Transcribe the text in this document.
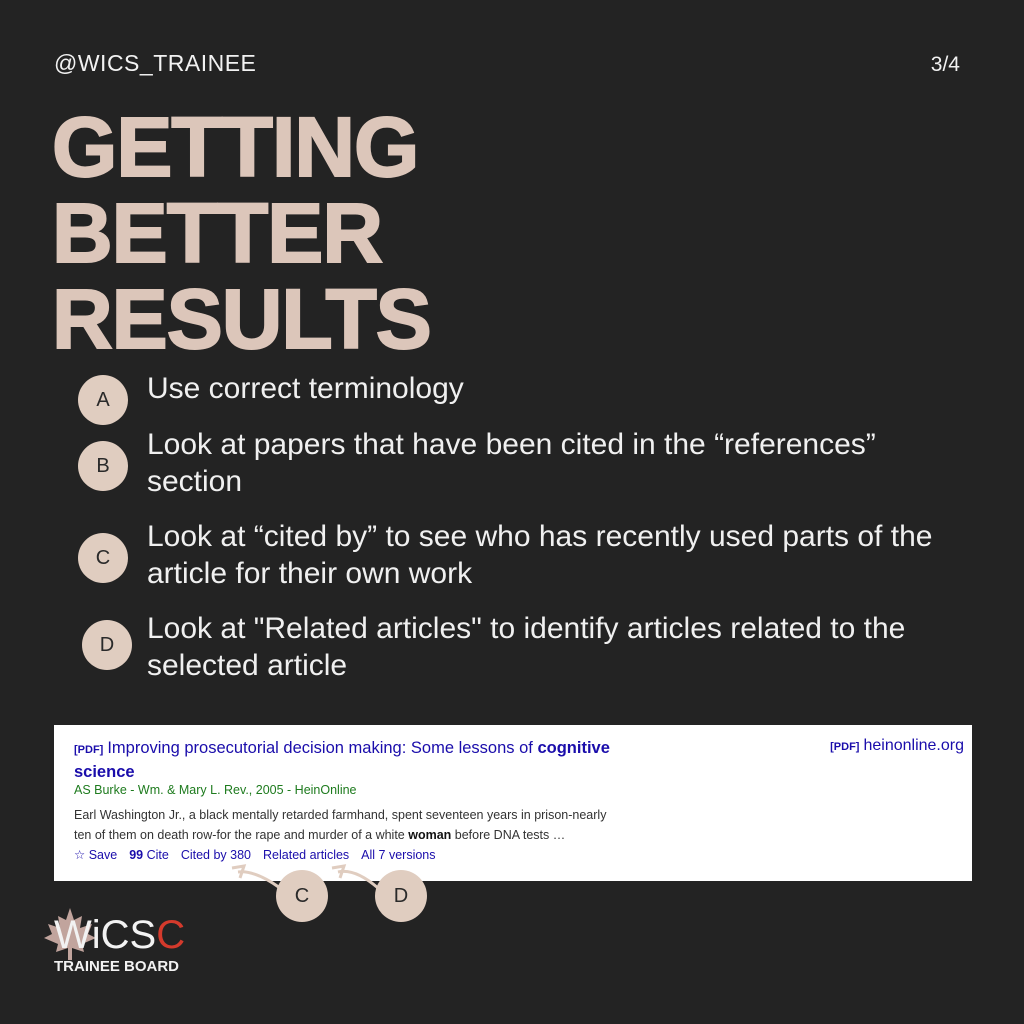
@WICS_TRAINEE	3/4
GETTING
BETTER
RESULTS
A	Use correct terminology
B
Look at papers that have been cited in the “references” section
C
Look at “cited by” to see who has recently used parts of the article for their own work
D	Look at "Related articles" to identify articles related to the selected article
[PDF] Improving prosecutorial decision making: Some lessons of cognitive
science
[PDF] heinonline.org
AS Burke - Wm. & Mary L. Rev., 2005 - HeinOnline
Earl Washington Jr., a black mentally retarded farmhand, spent seventeen years in prison-nearly
ten of them on death row-for the rape and murder of a white woman before DNA tests …
☆ Save 99 Cite Cited by 380 Related articles All 7 versions
C	D
WiCSC
TRAINEE BOARD
